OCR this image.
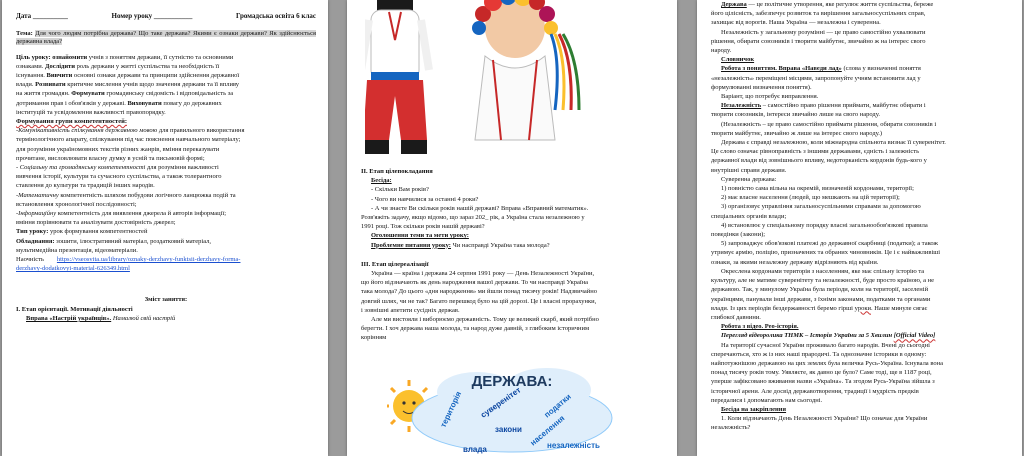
Дата __________	Номер уроку ___________	Громадська освіта 6 клас

Тема: Для чого людям потрібна держава? Що таке держава? Якими є ознаки держави? Як здійснюється державна влада?

Ціль уроку: ознайомити учнів з поняттям держави, її сутністю та основними

ознаками. Дослідити роль держави у житті суспільства та необхідність її

існування. Вивчити основні ознаки держави та принципи здійснення державної

влади. Розвивати критичне мислення учнів щодо значення держави та її впливу

на життя громадян. Формувати громадянську свідомість і відповідальність за

дотримання прав і обов'язків у державі. Виховувати повагу до державних

інституцій та усвідомлення важливості правопорядку.

Формування групи компетентностей:

-Комунікативність спілкування державною мовою для правильного використання

термінологічного апарату, спілкування під час пояснення навчального матеріалу;

для розуміння україномовних текстів різних жанрів, вміння переказувати

прочитане, висловлювати власну думку в усній та письмовій формі;

- Соціальну та громадянську компетентності для розуміння важливості

вивчення історії, культури та сучасного суспільства, а також толерантного

ставлення до культури та традицій інших народів.

-Математичну компетентність шляхом побудови логічного ланцюжка подій та

встановлення хронологічної послідовності;

-Інформаційну компетентність для виявлення джерела й авторів інформації;

вміння порівнювати та аналізувати достовірність джерел;

Тип уроку: урок формування компетентностей

Обладнання: зошити, ілюстративний матеріал, роздатковий матеріал,

мультимедійна презентація, відеоматеріали.

Наочність https://vseosvita.ua/library/oznaky-derzhavy-funktsii-derzhavy-forma-

derzhavy-dodatkovyi-material-626349.html

Зміст заняття:

I. Етап орієнтації. Мотивації діяльності

Вправа «Настрій українців». Намалюй свій настрій

II. Етап цілепокладання

Бесіда:

- Скільки Вам років?

- Чого ви навчилися за останні 4 роки?

- А чи знаєте Ви скільки років нашій державі? Вправа «Вправний математик».

Розв'яжіть задачу, якщо відомо, що зараз 202_ рік, а Україна стала незалежною у

1991 році. Тож скільки років нашій державі?

Оголошення теми та мети уроку:

Проблемне питання уроку: Чи насправді Україна така молода?

III. Етап цілереалізації

Україна — країна і держава 24 серпня 1991 року — День Незалежності України,

що його відзначають як день народження вашої держави. То чи насправді Україна

така молода? До цього «дня народження» ми йшли понад тисячу років! Надзвичайно

довгий шлях, чи не так? Багато перешкод було на цій дорозі. Це і власні прорахунки,

і зовнішні апетити сусідніх держав.

Але ми вистояли і виборюємо державність. Тому це великий скарб, який потрібно

берегти. І хоч держава наша молода, та народ дуже давній, з глибоким історичним

корінням

ДЕРЖАВА:
територія суверенітет	податки
закони населення
влада	незалежність

Держава — це політичне утворення, яке регулює життя суспільства, береже

його цілісність, забезпечує розвиток та вирішення загальносуспільних справ,

захищає від ворогів. Наша Україна — незалежна і суверенна.

Незалежність у загальному розумінні — це право самостійно ухвалювати

рішення, обирати союзників і творити майбутнє, звичайно ж на інтерес свого

народу.

Словничок

Робота з поняттям. Вправа «Наведи лад» (слова у визначенні поняття

«незалежність» переміщені місцями, запропонуйте учням встановити лад у

формулюванні визначення поняття).

Варіант, що потребує виправлення.

Незалежність – самостійно право рішення приймати, майбутнє обирати і

творити союзників, інтереси звичайно лише на свого народу.

(Незалежність – це право самостійно приймати рішення, обирати союзників і

творити майбутнє, звичайно ж лише на інтерес свого народу.)

Держава є справді незалежною, коли міжнародна спільнота визнає її суверенітет.

Це слово означає рівноправність з іншими державами, єдність і залежність

державної влади від зовнішнього впливу, недоторканість кордонів будь-кого у

внутрішні справи держави.

Суверенна держава:

1) повністю сама вільна на окремій, визначеній кордонами, території;

2) має власне населення (людей, що мешкають на цій території);

3) організовує управління загальносуспільними справами за допомогою

спеціальних органів влади;

4) встановлює у спеціальному порядку власні загальнообов'язкові правила

поведінки (закони);

5) запроваджує обов'язкові платежі до державної скарбниці (податки); а також

утримує армію, поліцію, призначених та обраних чиновників. Це і є найважливіші

ознаки, за якими незалежну державу відрізняють від країни.

Окреслена кордонами територія з населенням, яке має спільну історію та

культуру, але не матиме суверенітету та незалежності, буде просто країною, а не

державою. Так, у минулому Україна була періоди, коли на території, заселеній

українцями, панували інші держави, з їхніми законами, податками та органами

влади. Із цих періодів бездержавності беремо гірші уроки. Наше минуле сягає

глибокої давнини.

Робота з відео. Рео-історія.

Перегляд відеоролика ТНМК – Історія України за 5 Хвилин [Official Video]

На території сучасної України проживало багато народів. Вчені до сьогодні

сперечаються, хто ж із них наші прародичі. Та однозначне історики в одному:

найпотужнішою державою на цих землях була величка Русь-Україна. Існувала вона

понад тисячу років тому. Уявляєте, як давно це було? Саме тоді, ще в 1187 році,

уперше зафіксовано вживання назви «Україна». Та згодом Русь-Україна зійшла з

історичної арени. Але досвід державотворення, традиції і мудрість предків

передалися і допомагають нам сьогодні.

Бесіда на закріплення

1. Коли відзначають День Незалежності України? Що означає для України

незалежність?
